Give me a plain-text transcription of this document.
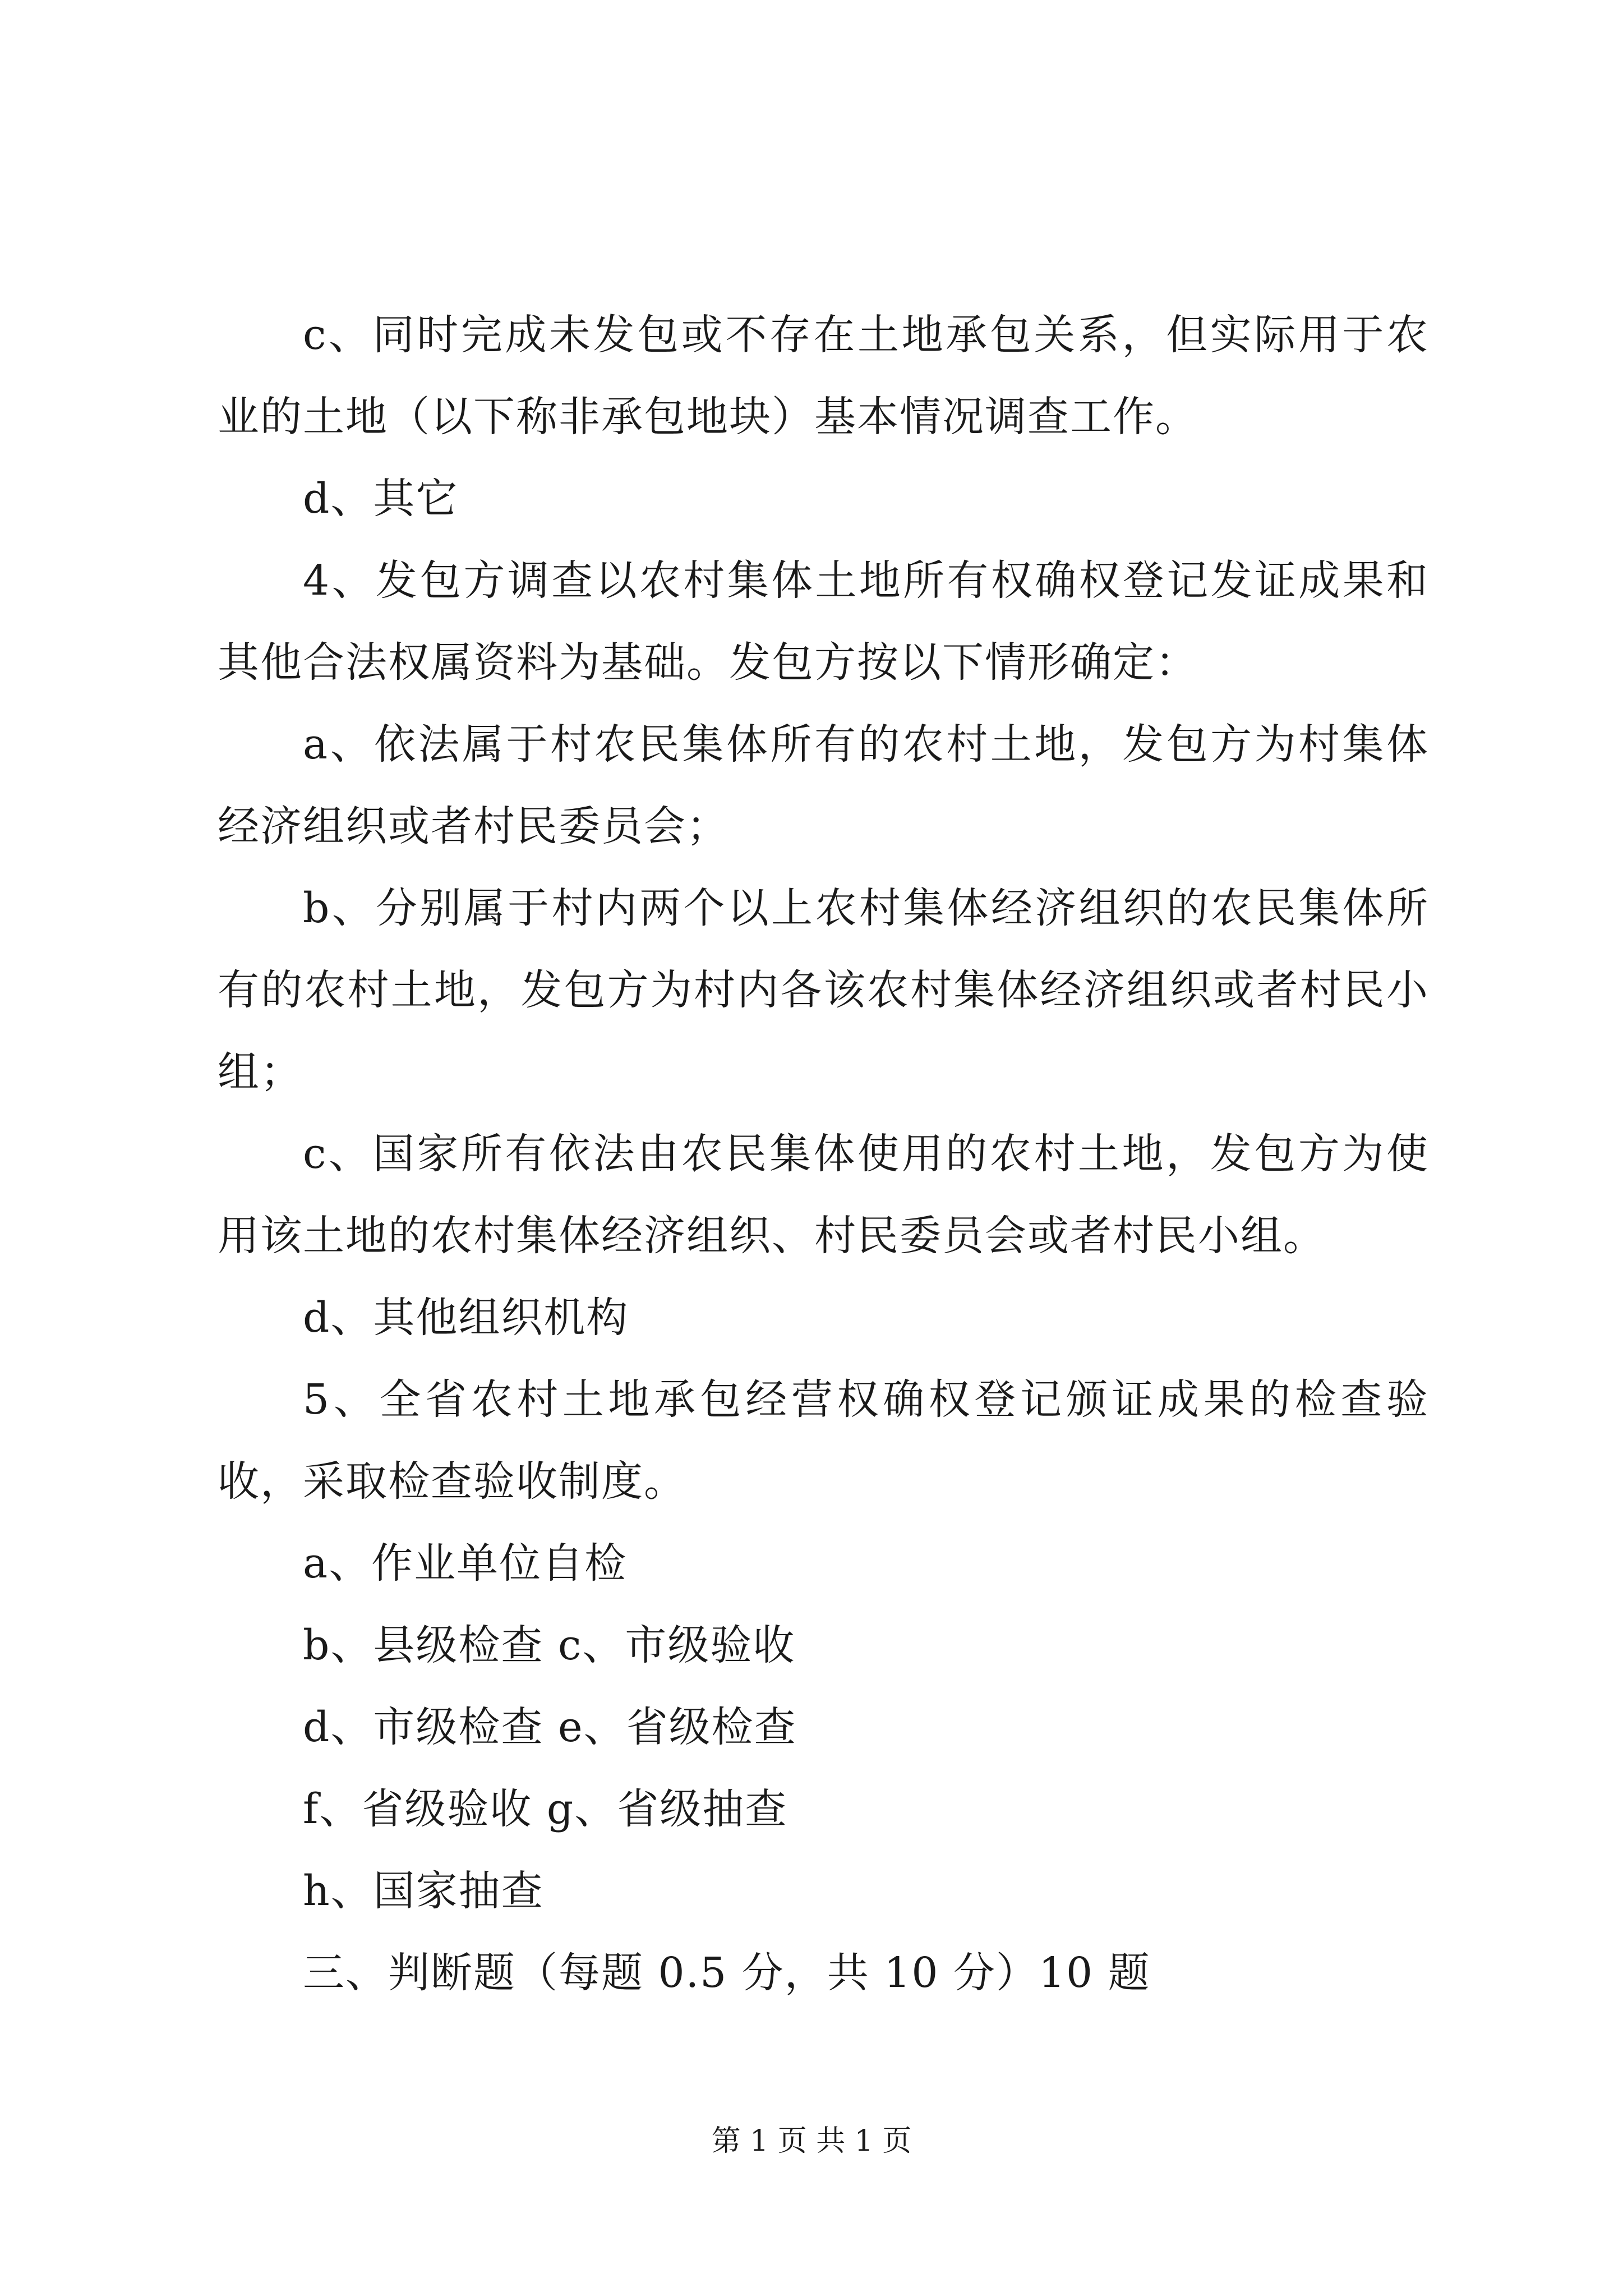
c、同时完成未发包或不存在土地承包关系，但实际用于农业的土地（以下称非承包地块）基本情况调查工作。

d、其它

4、发包方调查以农村集体土地所有权确权登记发证成果和其他合法权属资料为基础。发包方按以下情形确定：

a、依法属于村农民集体所有的农村土地，发包方为村集体经济组织或者村民委员会；

b、分别属于村内两个以上农村集体经济组织的农民集体所有的农村土地，发包方为村内各该农村集体经济组织或者村民小组；

c、国家所有依法由农民集体使用的农村土地，发包方为使用该土地的农村集体经济组织、村民委员会或者村民小组。

d、其他组织机构

5、全省农村土地承包经营权确权登记颁证成果的检查验收，采取检查验收制度。

a、作业单位自检

b、县级检查 c、市级验收

d、市级检查 e、省级检查

f、省级验收 g、省级抽查

h、国家抽查

三、判断题（每题 0.5 分，共 10 分）10 题

第 1 页 共 1 页
